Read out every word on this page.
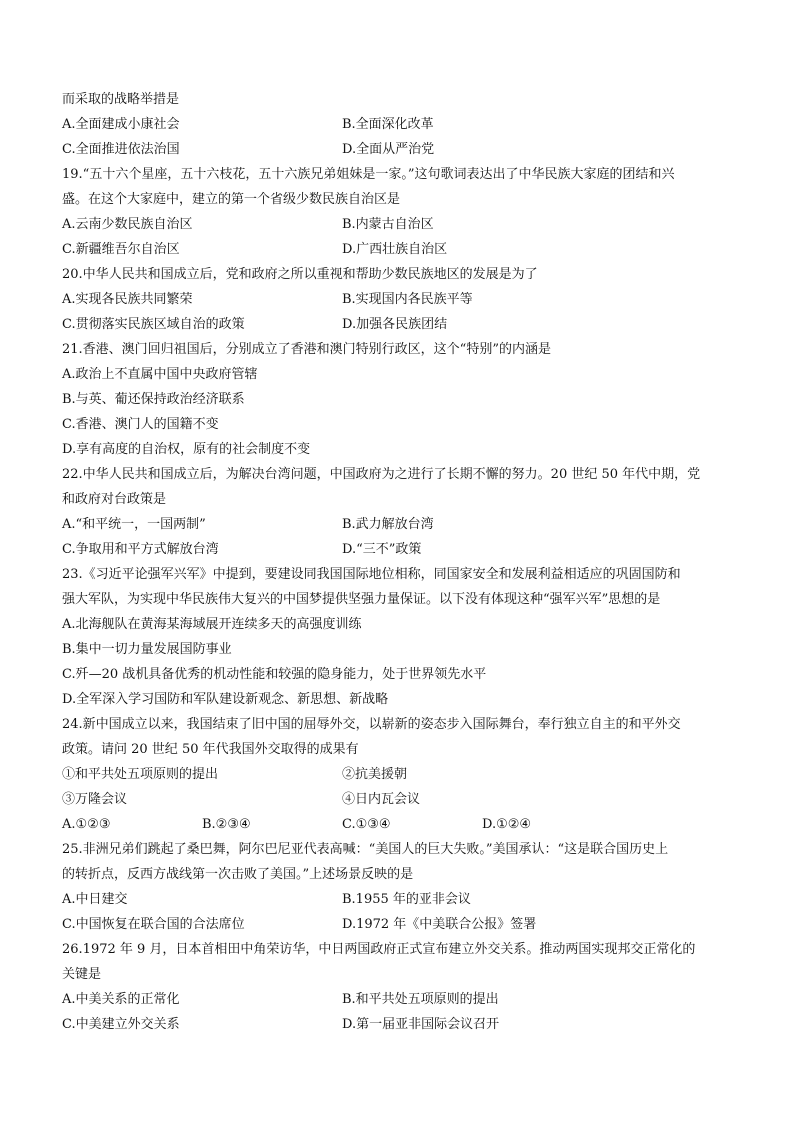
而采取的战略举措是
A.全面建成小康社会	B.全面深化改革
C.全面推进依法治国	D.全面从严治党
19.“五十六个星座，五十六枝花，五十六族兄弟姐妹是一家。”这句歌词表达出了中华民族大家庭的团结和兴
盛。在这个大家庭中，建立的第一个省级少数民族自治区是
A.云南少数民族自治区	B.内蒙古自治区
C.新疆维吾尔自治区	D.广西壮族自治区
20.中华人民共和国成立后，党和政府之所以重视和帮助少数民族地区的发展是为了
A.实现各民族共同繁荣	B.实现国内各民族平等
C.贯彻落实民族区域自治的政策	D.加强各民族团结
21.香港、澳门回归祖国后，分别成立了香港和澳门特别行政区，这个“特别”的内涵是
A.政治上不直属中国中央政府管辖
B.与英、葡还保持政治经济联系
C.香港、澳门人的国籍不变
D.享有高度的自治权，原有的社会制度不变
22.中华人民共和国成立后，为解决台湾问题，中国政府为之进行了长期不懈的努力。20 世纪 50 年代中期，党
和政府对台政策是
A.“和平统一，一国两制”	B.武力解放台湾
C.争取用和平方式解放台湾	D.“三不”政策
23.《习近平论强军兴军》中提到，要建设同我国国际地位相称，同国家安全和发展利益相适应的巩固国防和
强大军队，为实现中华民族伟大复兴的中国梦提供坚强力量保证。以下没有体现这种“强军兴军”思想的是
A.北海舰队在黄海某海域展开连续多天的高强度训练
B.集中一切力量发展国防事业
C.歼—20 战机具备优秀的机动性能和较强的隐身能力，处于世界领先水平
D.全军深入学习国防和军队建设新观念、新思想、新战略
24.新中国成立以来，我国结束了旧中国的屈辱外交，以崭新的姿态步入国际舞台，奉行独立自主的和平外交
政策。请问 20 世纪 50 年代我国外交取得的成果有
①和平共处五项原则的提出	②抗美援朝
③万隆会议	④日内瓦会议
A.①②③	B.②③④	C.①③④	D.①②④
25.非洲兄弟们跳起了桑巴舞，阿尔巴尼亚代表高喊：“美国人的巨大失败。”美国承认：“这是联合国历史上
的转折点，反西方战线第一次击败了美国。”上述场景反映的是
A.中日建交	B.1955 年的亚非会议
C.中国恢复在联合国的合法席位	D.1972 年《中美联合公报》签署
26.1972 年 9 月，日本首相田中角荣访华，中日两国政府正式宣布建立外交关系。推动两国实现邦交正常化的
关键是
A.中美关系的正常化	B.和平共处五项原则的提出
C.中美建立外交关系	D.第一届亚非国际会议召开
